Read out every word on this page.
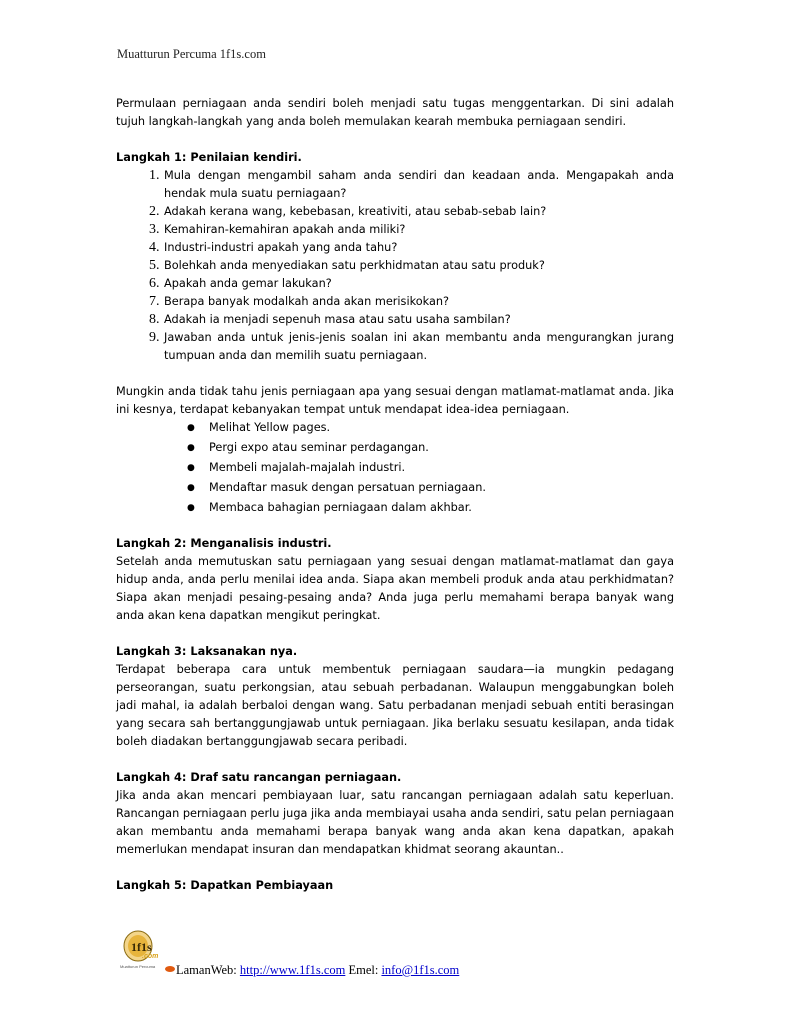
Muatturun Percuma 1f1s.com

Permulaan perniagaan anda sendiri boleh menjadi satu tugas menggentarkan. Di sini adalah tujuh langkah-langkah yang anda boleh memulakan kearah membuka perniagaan sendiri.

Langkah 1: Penilaian kendiri.

1. Mula dengan mengambil saham anda sendiri dan keadaan anda. Mengapakah anda hendak mula suatu perniagaan?
2. Adakah kerana wang, kebebasan, kreativiti, atau sebab-sebab lain?
3. Kemahiran-kemahiran apakah anda miliki?
4. Industri-industri apakah yang anda tahu?
5. Bolehkah anda menyediakan satu perkhidmatan atau satu produk?
6. Apakah anda gemar lakukan?
7. Berapa banyak modalkah anda akan merisikokan?
8. Adakah ia menjadi sepenuh masa atau satu usaha sambilan?
9. Jawaban anda untuk jenis-jenis soalan ini akan membantu anda mengurangkan jurang tumpuan anda dan memilih suatu perniagaan.

Mungkin anda tidak tahu jenis perniagaan apa yang sesuai dengan matlamat-matlamat anda. Jika ini kesnya, terdapat kebanyakan tempat untuk mendapat idea-idea perniagaan.

● Melihat Yellow pages.
● Pergi expo atau seminar perdagangan.
● Membeli majalah-majalah industri.
● Mendaftar masuk dengan persatuan perniagaan.
● Membaca bahagian perniagaan dalam akhbar.

Langkah 2: Menganalisis industri.

Setelah anda memutuskan satu perniagaan yang sesuai dengan matlamat-matlamat dan gaya hidup anda, anda perlu menilai idea anda. Siapa akan membeli produk anda atau perkhidmatan? Siapa akan menjadi pesaing-pesaing anda? Anda juga perlu memahami berapa banyak wang anda akan kena dapatkan mengikut peringkat.

Langkah 3: Laksanakan nya.

Terdapat beberapa cara untuk membentuk perniagaan saudara—ia mungkin pedagang perseorangan, suatu perkongsian, atau sebuah perbadanan. Walaupun menggabungkan boleh jadi mahal, ia adalah berbaloi dengan wang. Satu perbadanan menjadi sebuah entiti berasingan yang secara sah bertanggungjawab untuk perniagaan. Jika berlaku sesuatu kesilapan, anda tidak boleh diadakan bertanggungjawab secara peribadi.

Langkah 4: Draf satu rancangan perniagaan.

Jika anda akan mencari pembiayaan luar, satu rancangan perniagaan adalah satu keperluan. Rancangan perniagaan perlu juga jika anda membiayai usaha anda sendiri, satu pelan perniagaan akan membantu anda memahami berapa banyak wang anda akan kena dapatkan, apakah memerlukan mendapat insuran dan mendapatkan khidmat seorang akauntan..

Langkah 5: Dapatkan Pembiayaan

1f1s
.com
Muatturun Percuma LamanWeb: http://www.1f1s.com Emel: info@1f1s.com
